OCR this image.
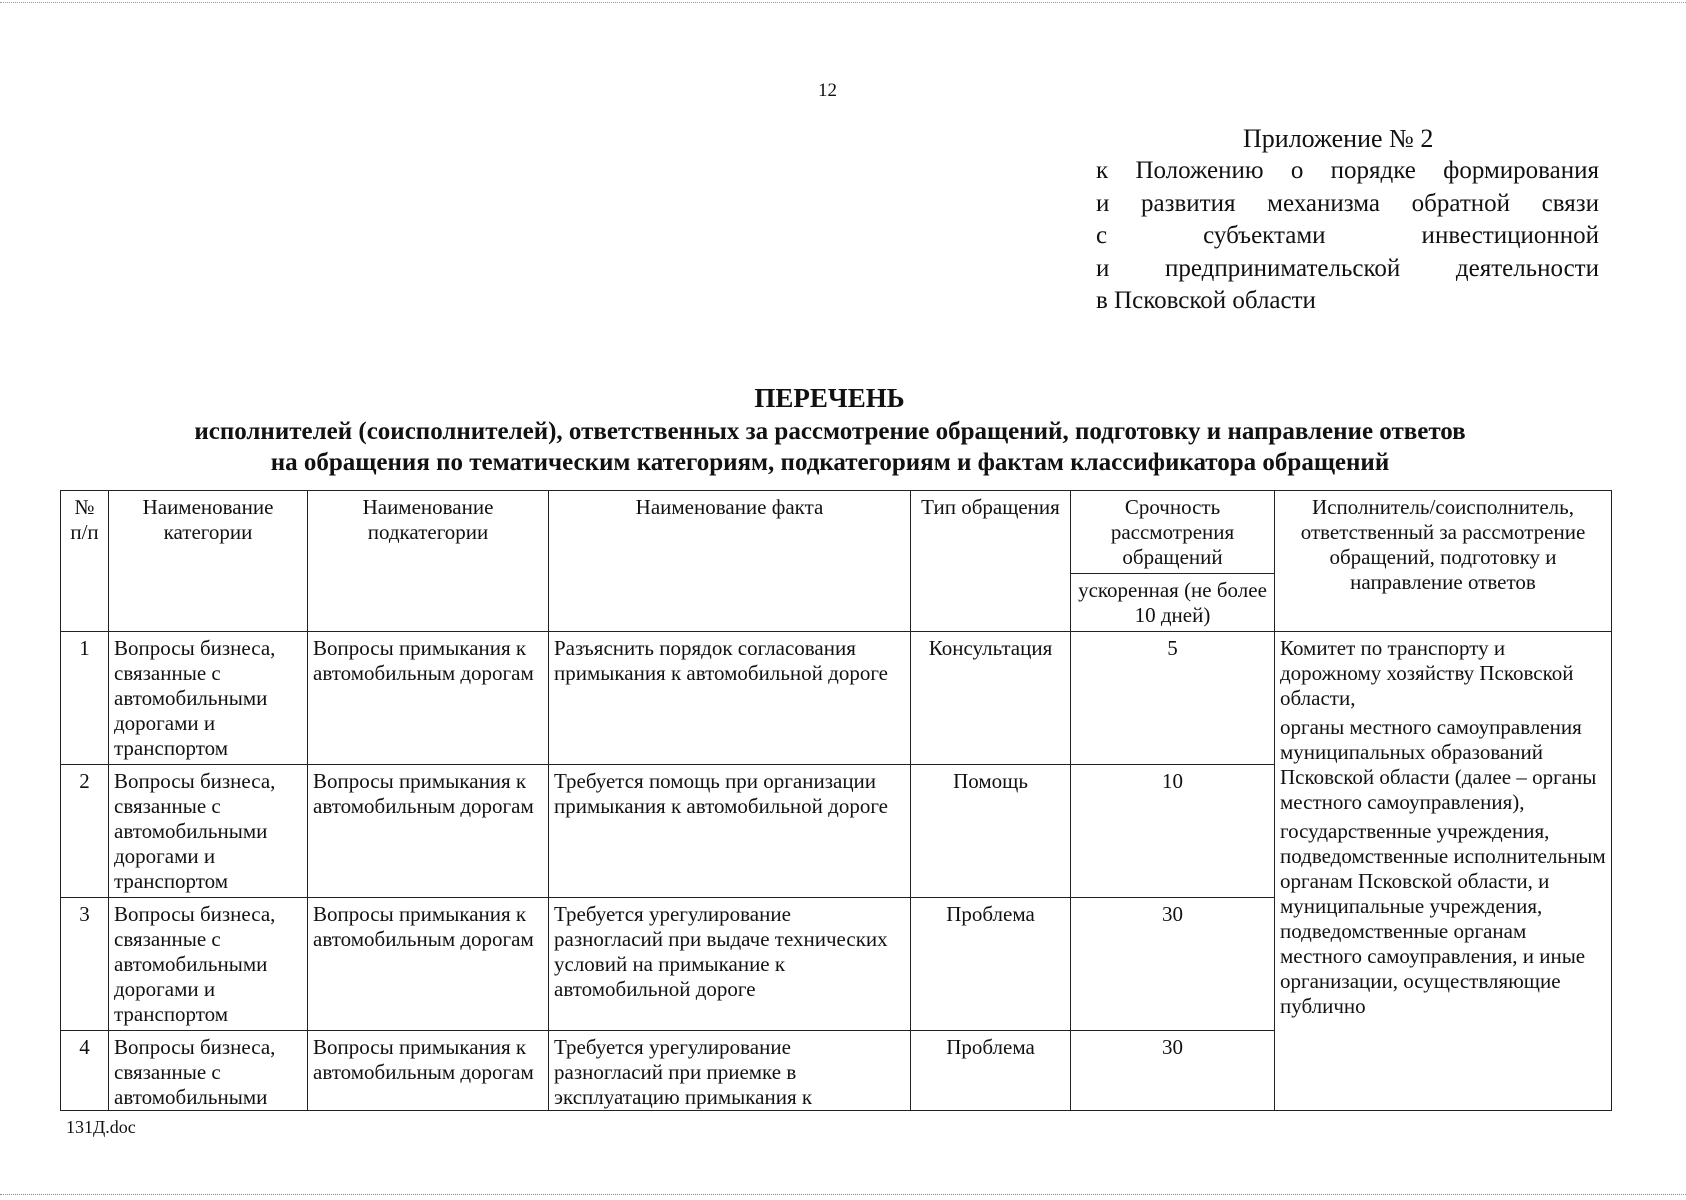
12
Приложение № 2
к Положению о порядке формирования
и развития механизма обратной связи
с субъектами инвестиционной
и предпринимательской деятельности
в Псковской области
ПЕРЕЧЕНЬ
исполнителей (соисполнителей), ответственных за рассмотрение обращений, подготовку и направление ответов
на обращения по тематическим категориям, подкатегориям и фактам классификатора обращений
№ п/п	Наименование категории	Наименование подкатегории	Наименование факта	Тип обращения	Срочность рассмотрения обращений	Исполнитель/соисполнитель, ответственный за рассмотрение обращений, подготовку и направление ответов
					ускоренная (не более 10 дней)	
1	Вопросы бизнеса, связанные с автомобильными дорогами и транспортом	Вопросы примыкания к автомобильным дорогам	Разъяснить порядок согласования примыкания к автомобильной дороге	Консультация	5	Комитет по транспорту и дорожному хозяйству Псковской области,
органы местного самоуправления муниципальных образований Псковской области (далее – органы местного самоуправления),
государственные учреждения, подведомственные исполнительным органам Псковской области, и муниципальные учреждения, подведомственные органам местного самоуправления, и иные организации, осуществляющие публично

2	Вопросы бизнеса, связанные с автомобильными дорогами и транспортом	Вопросы примыкания к автомобильным дорогам	Требуется помощь при организации примыкания к автомобильной дороге	Помощь	10	
3	Вопросы бизнеса, связанные с автомобильными дорогами и транспортом	Вопросы примыкания к автомобильным дорогам	Требуется урегулирование разногласий при выдаче технических условий на примыкание к автомобильной дороге	Проблема	30	
4	Вопросы бизнеса, связанные с автомобильными	Вопросы примыкания к автомобильным дорогам	Требуется урегулирование разногласий при приемке в эксплуатацию примыкания к	Проблема	30	
131Д.doc
